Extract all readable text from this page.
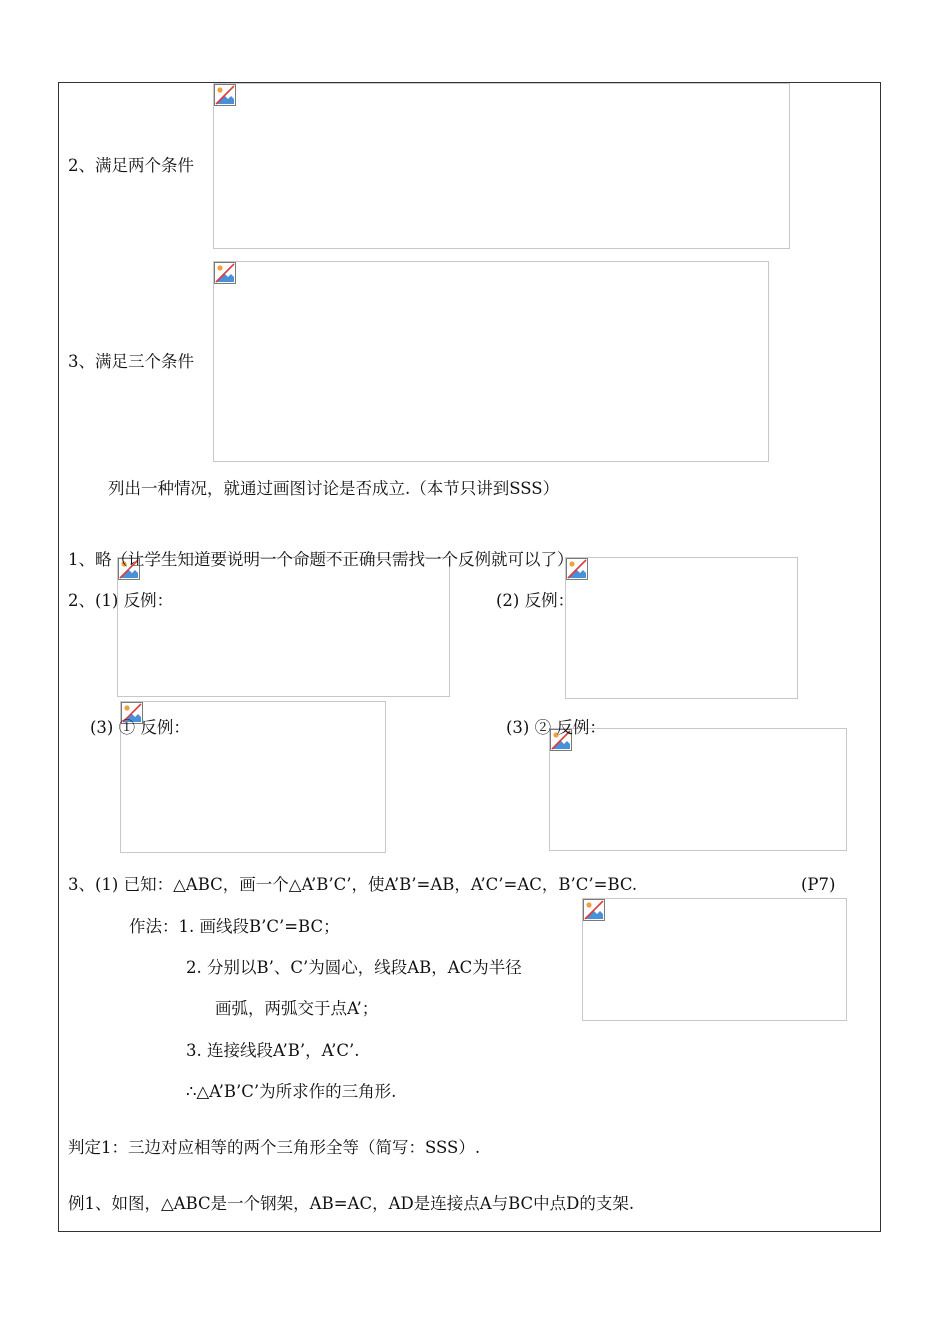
2、满足两个条件
3、满足三个条件
列出一种情况，就通过画图讨论是否成立.（本节只讲到SSS）
1、略（让学生知道要说明一个命题不正确只需找一个反例就可以了）
2、(1) 反例：	(2) 反例：
(3) ① 反例：	(3) ② 反例：
3、(1) 已知：△ABC，画一个△A’B’C’，使A’B’=AB，A’C’=AC，B’C’=BC.	(P7)
作法：1. 画线段B’C’=BC；
2. 分别以B’、C’为圆心，线段AB，AC为半径
画弧，两弧交于点A’；
3. 连接线段A’B’，A’C’.
∴△A’B’C’为所求作的三角形.
判定1：三边对应相等的两个三角形全等（简写：SSS）.
例1、如图，△ABC是一个钢架，AB=AC，AD是连接点A与BC中点D的支架.
